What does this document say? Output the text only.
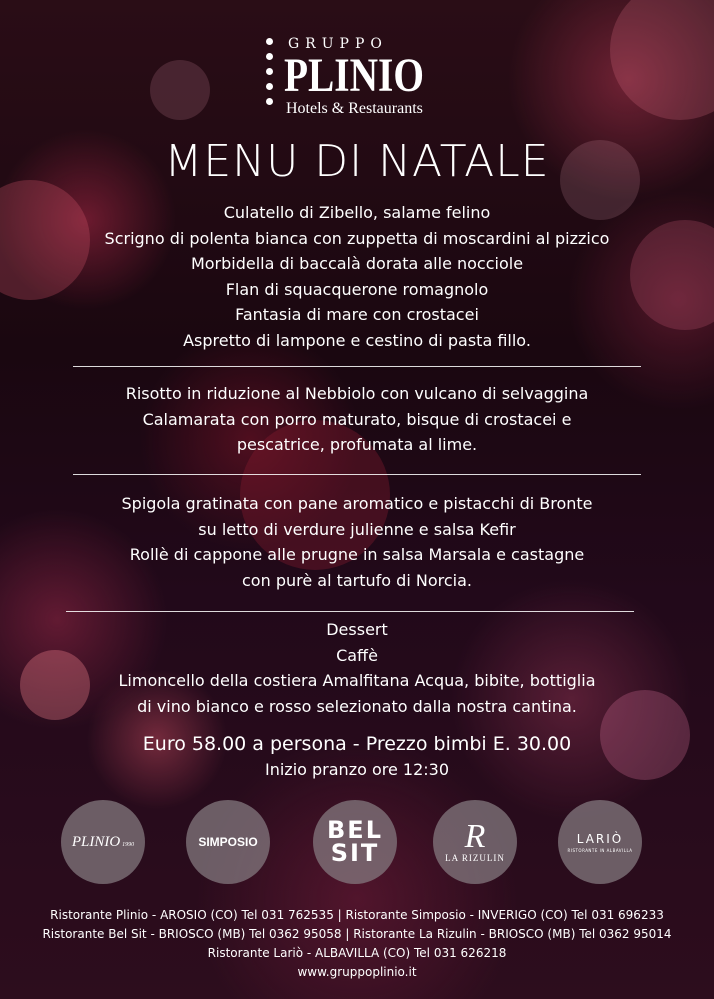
GRUPPO
PLINIO
Hotels & Restaurants
MENU DI NATALE
Culatello di Zibello, salame felino
Scrigno di polenta bianca con zuppetta di moscardini al pizzico
Morbidella di baccalà dorata alle nocciole
Flan di squacquerone romagnolo
Fantasia di mare con crostacei
Aspretto di lampone e cestino di pasta fillo.
Risotto in riduzione al Nebbiolo con vulcano di selvaggina
Calamarata con porro maturato, bisque di crostacei e
pescatrice, profumata al lime.
Spigola gratinata con pane aromatico e pistacchi di Bronte
su letto di verdure julienne e salsa Kefir
Rollè di cappone alle prugne in salsa Marsala e castagne
con purè al tartufo di Norcia.
Dessert
Caffè
Limoncello della costiera Amalfitana Acqua, bibite, bottiglia
di vino bianco e rosso selezionato dalla nostra cantina.
Euro 58.00 a persona - Prezzo bimbi E. 30.00
Inizio pranzo ore 12:30
PLINIO 1990	SIMPOSIO	BEL
SIT	R
LA RIZULIN
LARIÒ
RISTORANTE IN ALBAVILLA
Ristorante Plinio - AROSIO (CO) Tel 031 762535 | Ristorante Simposio - INVERIGO (CO) Tel 031 696233
Ristorante Bel Sit - BRIOSCO (MB) Tel 0362 95058 | Ristorante La Rizulin - BRIOSCO (MB) Tel 0362 95014
Ristorante Lariò - ALBAVILLA (CO) Tel 031 626218
www.gruppoplinio.it
